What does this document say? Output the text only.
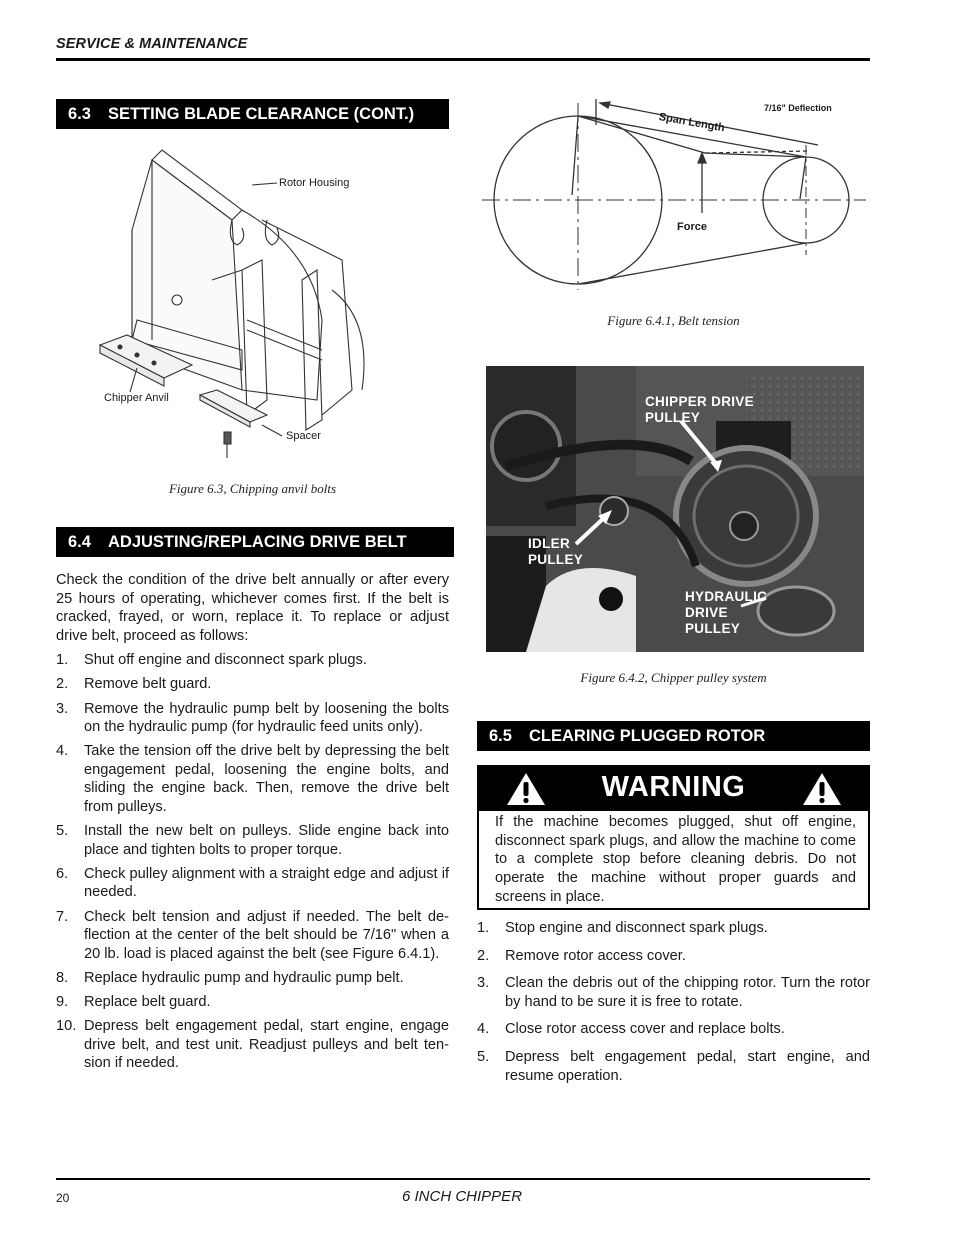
SERVICE & MAINTENANCE
6.3 SETTING BLADE CLEARANCE (CONT.)
Rotor Housing
Chipper Anvil
Spacer
Figure 6.3, Chipping anvil bolts
6.4 ADJUSTING/REPLACING DRIVE BELT
Check the condition of the drive belt annually or after every 25 hours of operating, whichever comes first. If the belt is cracked, frayed, or worn, replace it. To replace or adjust drive belt, proceed as follows:
1. Shut off engine and disconnect spark plugs.
2. Remove belt guard.
3. Remove the hydraulic pump belt by loosening the bolts on the hydraulic pump (for hydraulic feed units only).
4. Take the tension off the drive belt by depressing the belt engagement pedal, loosening the engine bolts, and sliding the engine back. Then, remove the drive belt from pulleys.
5. Install the new belt on pulleys. Slide engine back into place and tighten bolts to proper torque.
6. Check pulley alignment with a straight edge and adjust if needed.
7. Check belt tension and adjust if needed. The belt de-flection at the center of the belt should be 7/16" when a 20 lb. load is placed against the belt (see Figure 6.4.1).
8. Replace hydraulic pump and hydraulic pump belt.
9. Replace belt guard.
10. Depress belt engagement pedal, start engine, engage drive belt, and test unit. Readjust pulleys and belt ten-sion if needed.
Span Length
7/16" Deflection
Force
Figure 6.4.1, Belt tension
CHIPPER DRIVE
PULLEY
IDLER
PULLEY
HYDRAULIC
DRIVE
PULLEY
Figure 6.4.2, Chipper pulley system
6.5 CLEARING PLUGGED ROTOR
WARNING
If the machine becomes plugged, shut off engine, disconnect spark plugs, and allow the machine to come to a complete stop before cleaning debris. Do not operate the machine without proper guards and screens in place.
1. Stop engine and disconnect spark plugs.
2. Remove rotor access cover.
3. Clean the debris out of the chipping rotor. Turn the rotor by hand to be sure it is free to rotate.
4. Close rotor access cover and replace bolts.
5. Depress belt engagement pedal, start engine, and resume operation.
20	6 INCH CHIPPER
